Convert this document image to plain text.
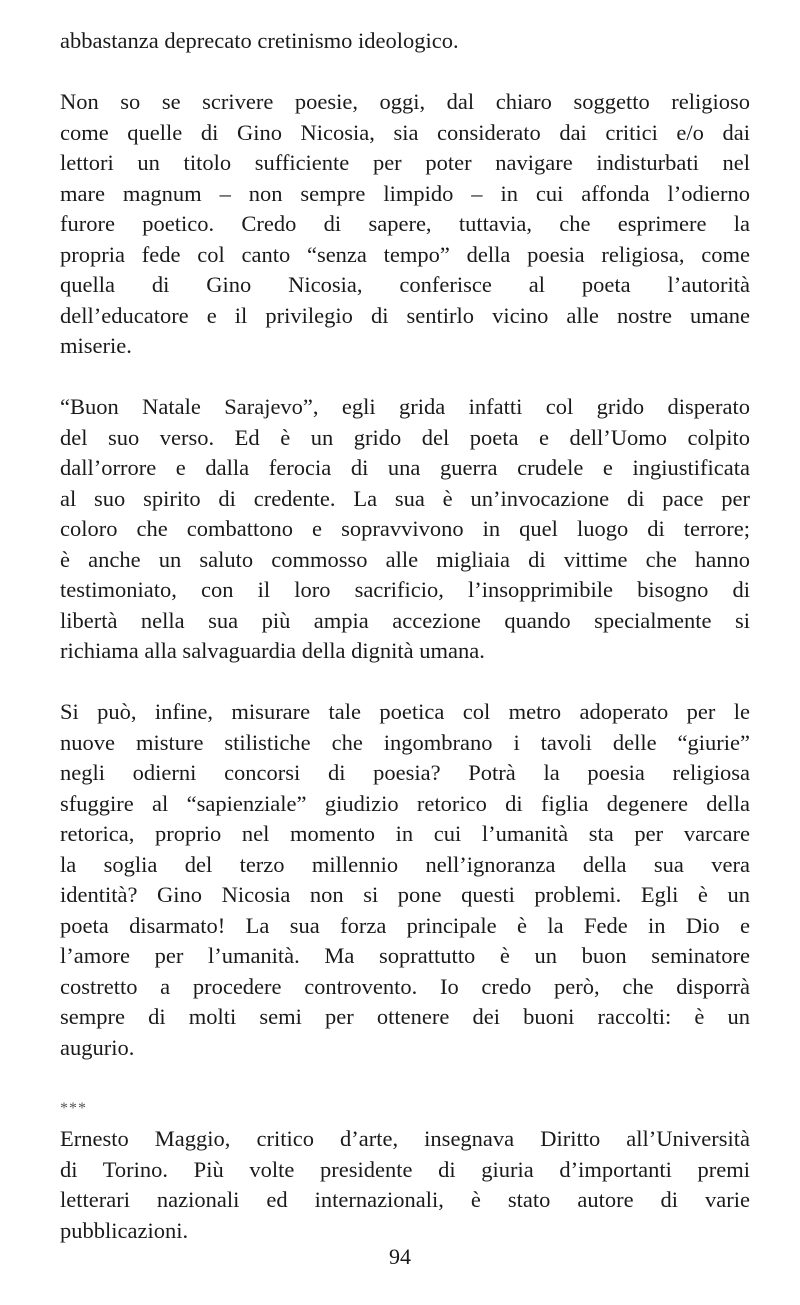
abbastanza deprecato cretinismo ideologico.
Non so se scrivere poesie, oggi, dal chiaro soggetto religioso
come quelle di Gino Nicosia, sia considerato dai critici e/o dai
lettori un titolo sufficiente per poter navigare indisturbati nel
mare magnum – non sempre limpido – in cui affonda l’odierno
furore poetico. Credo di sapere, tuttavia, che esprimere la
propria fede col canto “senza tempo” della poesia religiosa, come
quella di Gino Nicosia, conferisce al poeta l’autorità
dell’educatore e il privilegio di sentirlo vicino alle nostre umane
miserie.
“Buon Natale Sarajevo”, egli grida infatti col grido disperato
del suo verso. Ed è un grido del poeta e dell’Uomo colpito
dall’orrore e dalla ferocia di una guerra crudele e ingiustificata
al suo spirito di credente. La sua è un’invocazione di pace per
coloro che combattono e sopravvivono in quel luogo di terrore;
è anche un saluto commosso alle migliaia di vittime che hanno
testimoniato, con il loro sacrificio, l’insopprimibile bisogno di
libertà nella sua più ampia accezione quando specialmente si
richiama alla salvaguardia della dignità umana.
Si può, infine, misurare tale poetica col metro adoperato per le
nuove misture stilistiche che ingombrano i tavoli delle “giurie”
negli odierni concorsi di poesia? Potrà la poesia religiosa
sfuggire al “sapienziale” giudizio retorico di figlia degenere della
retorica, proprio nel momento in cui l’umanità sta per varcare
la soglia del terzo millennio nell’ignoranza della sua vera
identità? Gino Nicosia non si pone questi problemi. Egli è un
poeta disarmato! La sua forza principale è la Fede in Dio e
l’amore per l’umanità. Ma soprattutto è un buon seminatore
costretto a procedere controvento. Io credo però, che disporrà
sempre di molti semi per ottenere dei buoni raccolti: è un
augurio.
***
Ernesto Maggio, critico d’arte, insegnava Diritto all’Università
di Torino. Più volte presidente di giuria d’importanti premi
letterari nazionali ed internazionali, è stato autore di varie
pubblicazioni.
94
